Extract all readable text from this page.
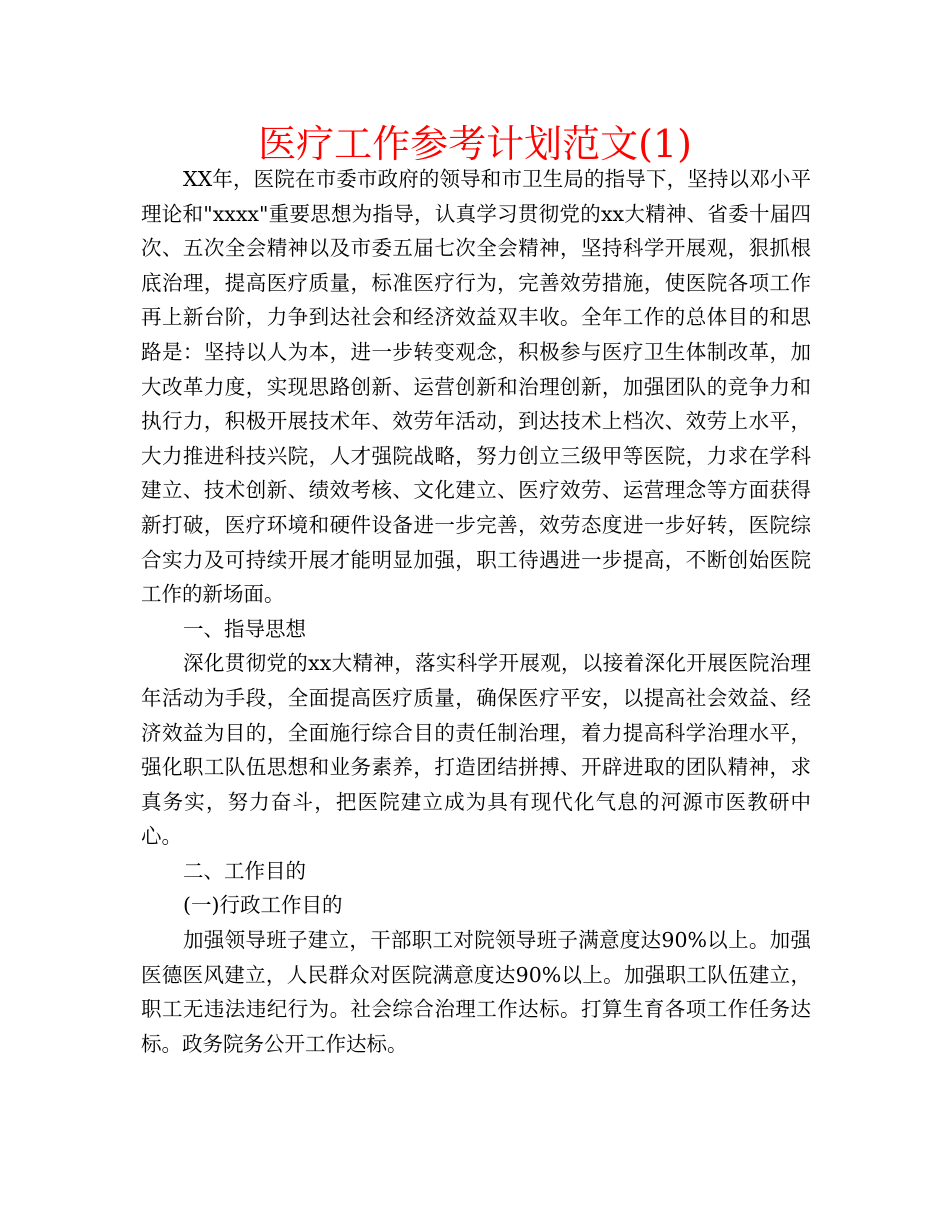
医疗工作参考计划范文(1)

XX年，医院在市委市政府的领导和市卫生局的指导下，坚持以邓小平理论和"xxxx"重要思想为指导，认真学习贯彻党的xx大精神、省委十届四次、五次全会精神以及市委五届七次全会精神，坚持科学开展观，狠抓根底治理，提高医疗质量，标准医疗行为，完善效劳措施，使医院各项工作再上新台阶，力争到达社会和经济效益双丰收。全年工作的总体目的和思路是：坚持以人为本，进一步转变观念，积极参与医疗卫生体制改革，加大改革力度，实现思路创新、运营创新和治理创新，加强团队的竞争力和执行力，积极开展技术年、效劳年活动，到达技术上档次、效劳上水平，大力推进科技兴院，人才强院战略，努力创立三级甲等医院，力求在学科建立、技术创新、绩效考核、文化建立、医疗效劳、运营理念等方面获得新打破，医疗环境和硬件设备进一步完善，效劳态度进一步好转，医院综合实力及可持续开展才能明显加强，职工待遇进一步提高，不断创始医院工作的新场面。

一、指导思想

深化贯彻党的xx大精神，落实科学开展观，以接着深化开展医院治理年活动为手段，全面提高医疗质量，确保医疗平安，以提高社会效益、经济效益为目的，全面施行综合目的责任制治理，着力提高科学治理水平，强化职工队伍思想和业务素养，打造团结拼搏、开辟进取的团队精神，求真务实，努力奋斗，把医院建立成为具有现代化气息的河源市医教研中心。

二、工作目的

(一)行政工作目的

加强领导班子建立，干部职工对院领导班子满意度达90%以上。加强医德医风建立，人民群众对医院满意度达90%以上。加强职工队伍建立，职工无违法违纪行为。社会综合治理工作达标。打算生育各项工作任务达标。政务院务公开工作达标。
